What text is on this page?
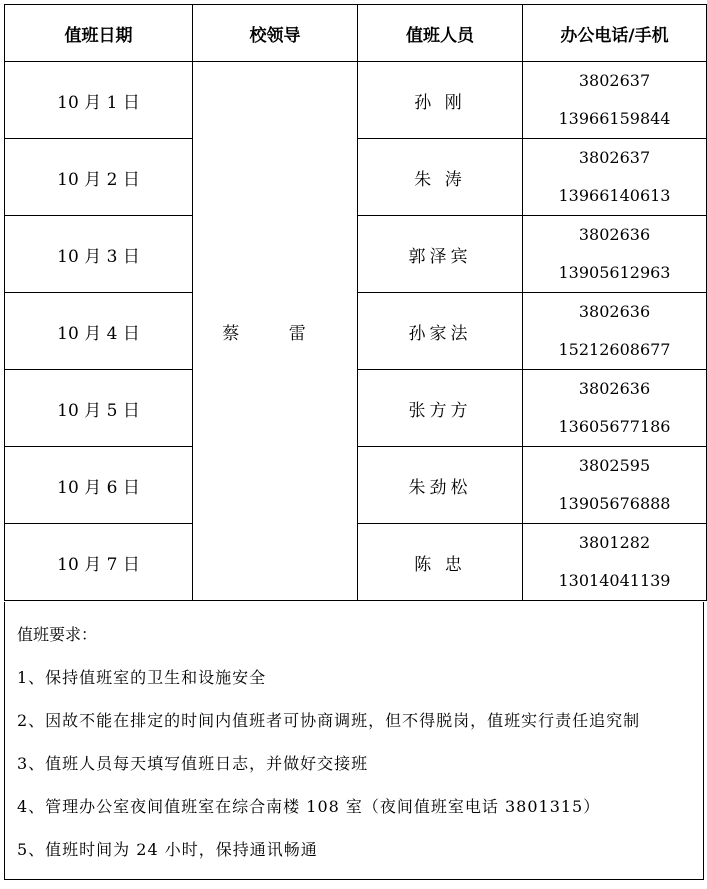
值班日期	校领导	值班人员	办公电话/手机
10 月 1 日	蔡 雷	孙 刚	3802637
13966159844

10 月 2 日		朱 涛	3802637
13966140613

10 月 3 日		郭泽宾	3802636
13905612963

10 月 4 日		孙家法	3802636
15212608677

10 月 5 日		张方方	3802636
13605677186

10 月 6 日		朱劲松	3802595
13905676888

10 月 7 日		陈 忠	3801282
13014041139
值班要求：
1、保持值班室的卫生和设施安全
2、因故不能在排定的时间内值班者可协商调班，但不得脱岗，值班实行责任追究制
3、值班人员每天填写值班日志，并做好交接班
4、管理办公室夜间值班室在综合南楼 108 室（夜间值班室电话 3801315）
5、值班时间为 24 小时，保持通讯畅通
